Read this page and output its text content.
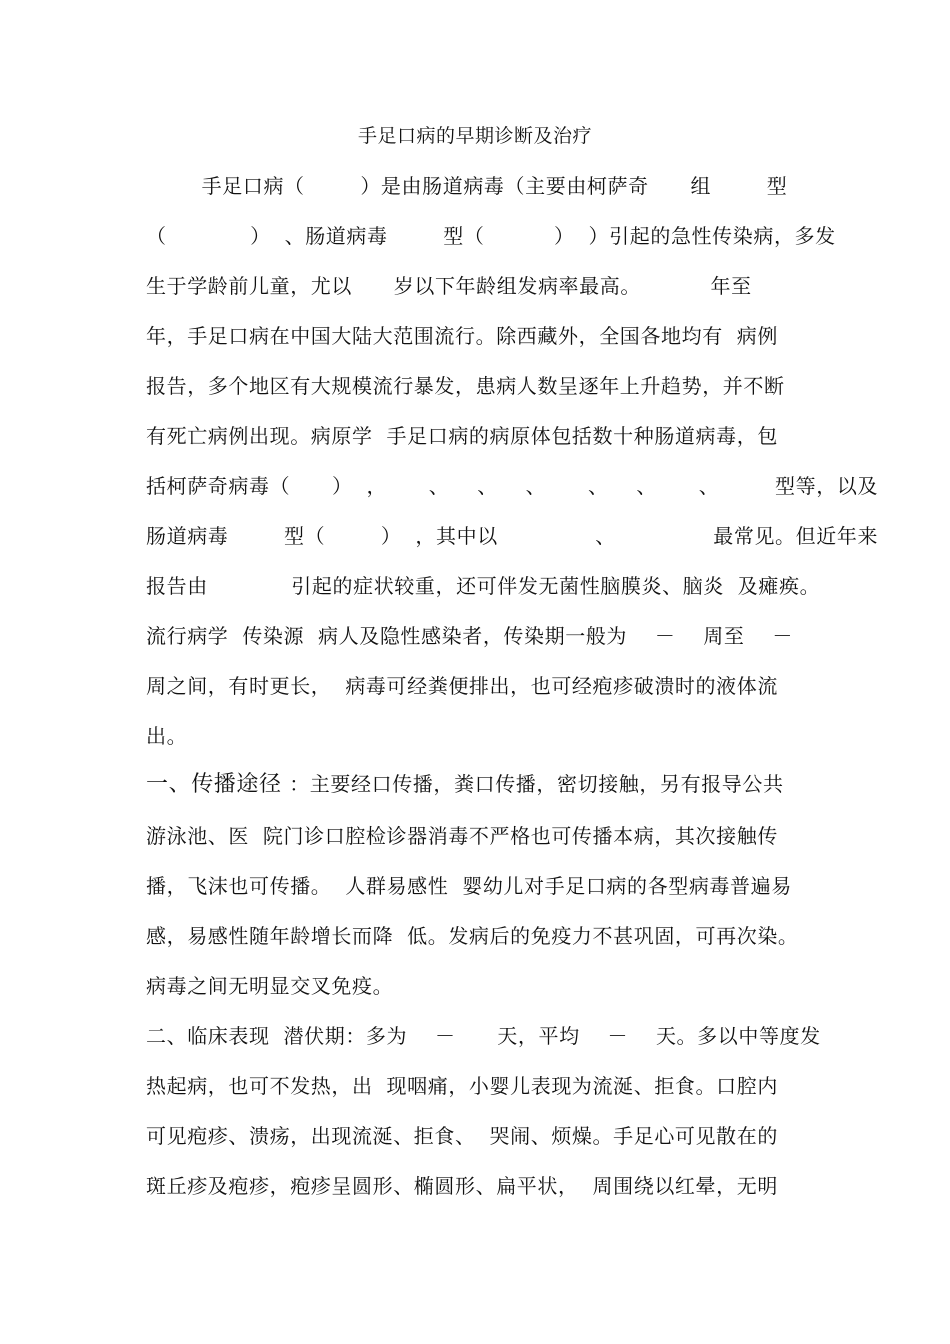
手足口病的早期诊断及治疗
手足口病（        ）是由肠道病毒（主要由柯萨奇      组        型
（            ）  、肠道病毒        型（          ）  ）引起的急性传染病，多发
生于学龄前儿童，尤以      岁以下年龄组发病率最高。          年至
年，手足口病在中国大陆大范围流行。除西藏外，全国各地均有  病例
报告，多个地区有大规模流行暴发，患病人数呈逐年上升趋势，并不断
有死亡病例出现。病原学  手足口病的病原体包括数十种肠道病毒，包
括柯萨奇病毒（      ）  ，      、    、    、      、    、      、        型等，以及
肠道病毒        型（        ）  ，其中以              、              最常见。但近年来
报告由            引起的症状较重，还可伴发无菌性脑膜炎、脑炎  及瘫痪。
流行病学  传染源  病人及隐性感染者，传染期一般为    －    周至    －
周之间，有时更长，  病毒可经粪便排出，也可经疱疹破溃时的液体流
出。
一、传播途径 ：主要经口传播，粪口传播，密切接触，另有报导公共
游泳池、医  院门诊口腔检诊器消毒不严格也可传播本病，其次接触传
播，飞沫也可传播。  人群易感性  婴幼儿对手足口病的各型病毒普遍易
感，易感性随年龄增长而降  低。发病后的免疫力不甚巩固，可再次染。
病毒之间无明显交叉免疫。
二、临床表现  潜伏期：多为    －      天，平均    －    天。多以中等度发
热起病，也可不发热，出  现咽痛，小婴儿表现为流涎、拒食。口腔内
可见疱疹、溃疡，出现流涎、拒食、  哭闹、烦燥。手足心可见散在的
斑丘疹及疱疹，疱疹呈圆形、椭圆形、扁平状，  周围绕以红晕，无明
